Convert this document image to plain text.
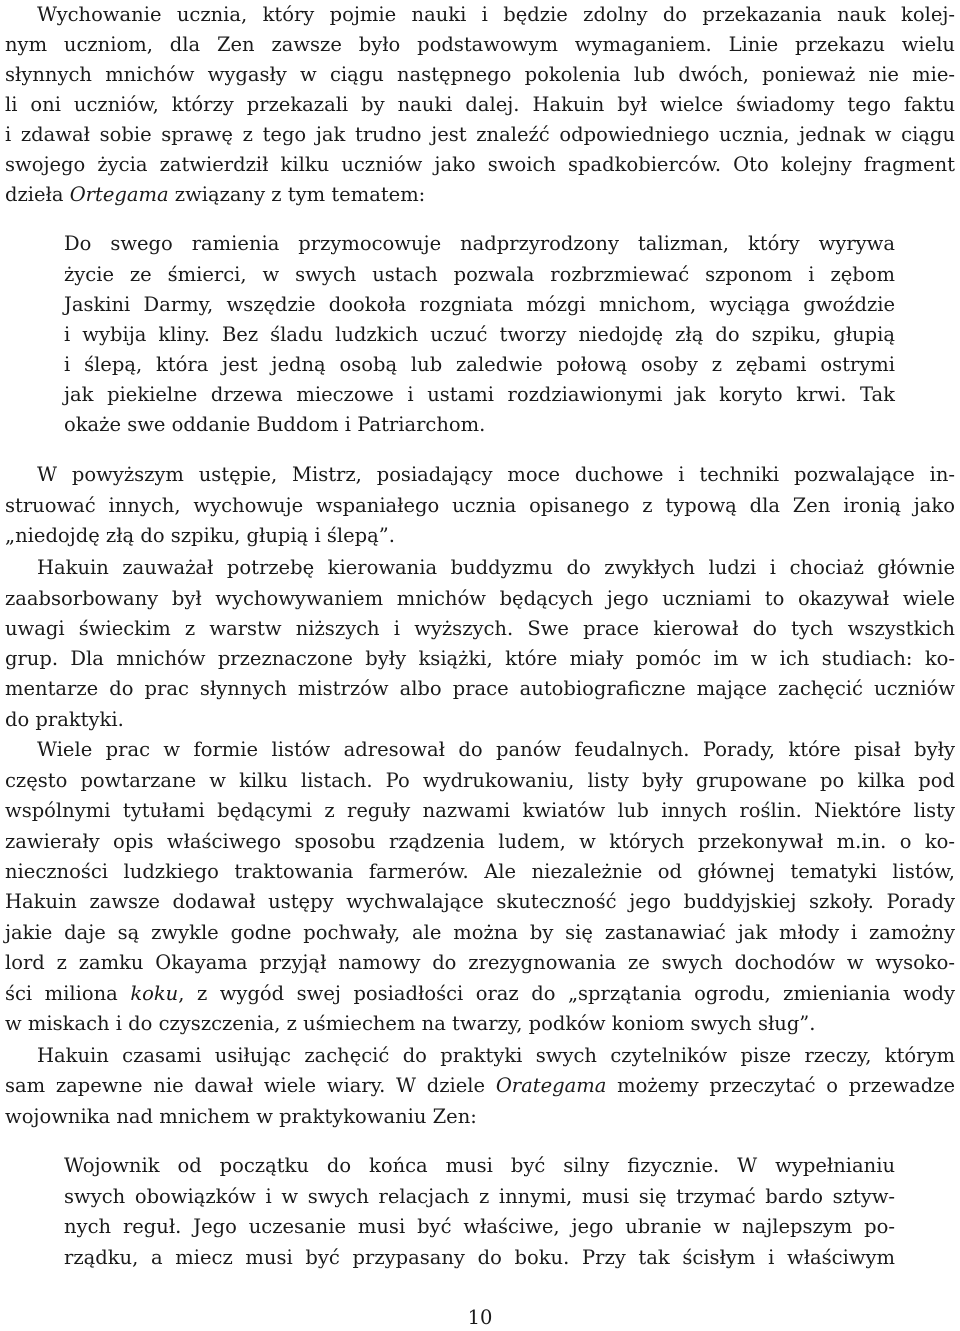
Wychowanie ucznia, który pojmie nauki i będzie zdolny do przekazania nauk kolej-
nym uczniom, dla Zen zawsze było podstawowym wymaganiem. Linie przekazu wielu
słynnych mnichów wygasły w ciągu następnego pokolenia lub dwóch, ponieważ nie mie-
li oni uczniów, którzy przekazali by nauki dalej. Hakuin był wielce świadomy tego faktu
i zdawał sobie sprawę z tego jak trudno jest znaleźć odpowiedniego ucznia, jednak w ciągu
swojego życia zatwierdził kilku uczniów jako swoich spadkobierców. Oto kolejny fragment
dzieła Ortegama związany z tym tematem:
Do swego ramienia przymocowuje nadprzyrodzony talizman, który wyrywa
życie ze śmierci, w swych ustach pozwala rozbrzmiewać szponom i zębom
Jaskini Darmy, wszędzie dookoła rozgniata mózgi mnichom, wyciąga gwoździe
i wybija kliny. Bez śladu ludzkich uczuć tworzy niedojdę złą do szpiku, głupią
i ślepą, która jest jedną osobą lub zaledwie połową osoby z zębami ostrymi
jak piekielne drzewa mieczowe i ustami rozdziawionymi jak koryto krwi. Tak
okaże swe oddanie Buddom i Patriarchom.
W powyższym ustępie, Mistrz, posiadający moce duchowe i techniki pozwalające in-
struować innych, wychowuje wspaniałego ucznia opisanego z typową dla Zen ironią jako
„niedojdę złą do szpiku, głupią i ślepą”.
Hakuin zauważał potrzebę kierowania buddyzmu do zwykłych ludzi i chociaż głównie
zaabsorbowany był wychowywaniem mnichów będących jego uczniami to okazywał wiele
uwagi świeckim z warstw niższych i wyższych. Swe prace kierował do tych wszystkich
grup. Dla mnichów przeznaczone były książki, które miały pomóc im w ich studiach: ko-
mentarze do prac słynnych mistrzów albo prace autobiograficzne mające zachęcić uczniów
do praktyki.
Wiele prac w formie listów adresował do panów feudalnych. Porady, które pisał były
często powtarzane w kilku listach. Po wydrukowaniu, listy były grupowane po kilka pod
wspólnymi tytułami będącymi z reguły nazwami kwiatów lub innych roślin. Niektóre listy
zawierały opis właściwego sposobu rządzenia ludem, w których przekonywał m.in. o ko-
nieczności ludzkiego traktowania farmerów. Ale niezależnie od głównej tematyki listów,
Hakuin zawsze dodawał ustępy wychwalające skuteczność jego buddyjskiej szkoły. Porady
jakie daje są zwykle godne pochwały, ale można by się zastanawiać jak młody i zamożny
lord z zamku Okayama przyjął namowy do zrezygnowania ze swych dochodów w wysoko-
ści miliona koku, z wygód swej posiadłości oraz do „sprzątania ogrodu, zmieniania wody
w miskach i do czyszczenia, z uśmiechem na twarzy, podków koniom swych sług”.
Hakuin czasami usiłując zachęcić do praktyki swych czytelników pisze rzeczy, którym
sam zapewne nie dawał wiele wiary. W dziele Orategama możemy przeczytać o przewadze
wojownika nad mnichem w praktykowaniu Zen:
Wojownik od początku do końca musi być silny fizycznie. W wypełnianiu
swych obowiązków i w swych relacjach z innymi, musi się trzymać bardo sztyw-
nych reguł. Jego uczesanie musi być właściwe, jego ubranie w najlepszym po-
rządku, a miecz musi być przypasany do boku. Przy tak ścisłym i właściwym
10
